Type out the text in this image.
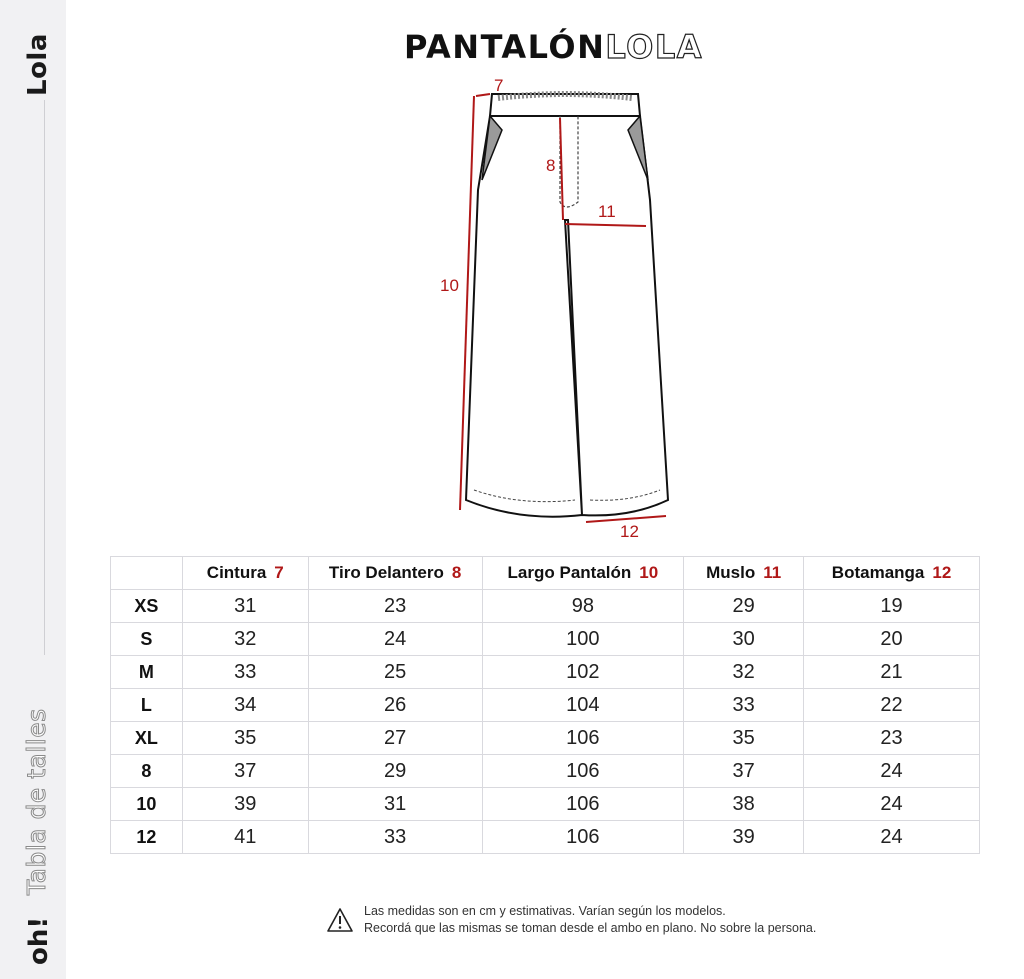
Lola
Tabla de talles
oh!
PANTALÓNLOLA
7
8
10
11
12
	Cintura 7	Tiro Delantero 8	Largo Pantalón 10	Muslo 11	Botamanga 12
XS	31	23	98	29	19
S	32	24	100	30	20
M	33	25	102	32	21
L	34	26	104	33	22
XL	35	27	106	35	23
8	37	29	106	37	24
10	39	31	106	38	24
12	41	33	106	39	24
Las medidas son en cm y estimativas. Varían según los modelos.
Recordá que las mismas se toman desde el ambo en plano. No sobre la persona.
